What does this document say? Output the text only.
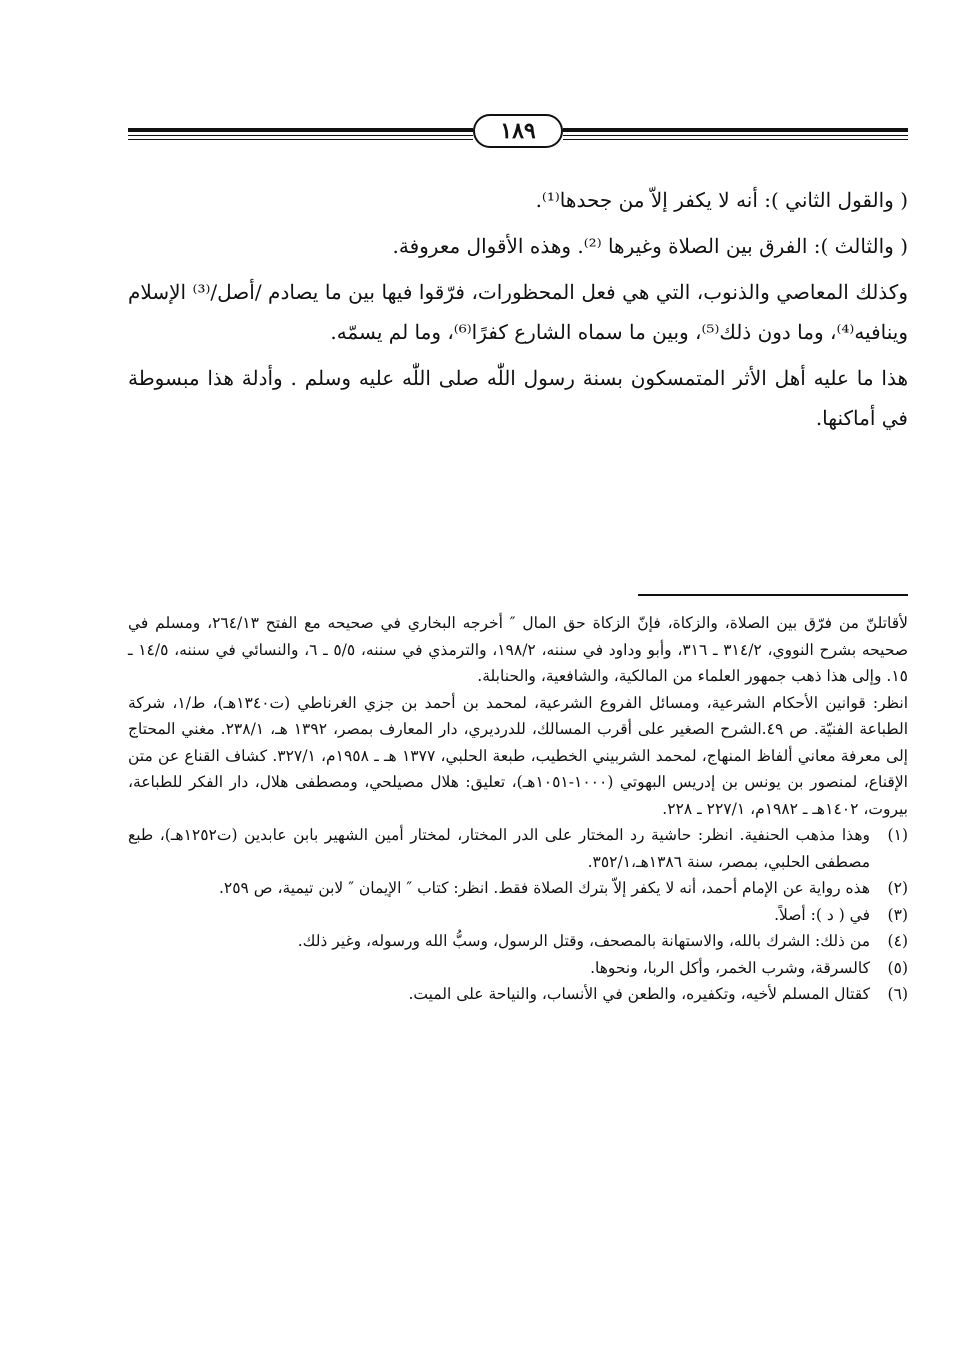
١٨٩

( والقول الثاني ): أنه لا يكفر إلاّ من جحدها⁽¹⁾.

( والثالث ): الفرق بين الصلاة وغيرها ⁽²⁾. وهذه الأقوال معروفة.

وكذلك المعاصي والذنوب، التي هي فعل المحظورات، فرّقوا فيها بين ما يصادم /أصل/⁽³⁾ الإسلام وينافيه⁽⁴⁾، وما دون ذلك⁽⁵⁾، وبين ما سماه الشارع كفرًا⁽⁶⁾، وما لم يسمّه.

هذا ما عليه أهل الأثر المتمسكون بسنة رسول اللّٰه صلى اللّٰه عليه وسلم . وأدلة هذا مبسوطة في أماكنها.

لأقاتلنّ من فرّق بين الصلاة، والزكاة، فإنّ الزكاة حق المال ″ أخرجه البخاري في صحيحه مع الفتح ٢٦٤/١٣، ومسلم في صحيحه بشرح النووي، ٣١٤/٢ ـ ٣١٦، وأبو وداود في سننه، ١٩٨/٢، والترمذي في سننه، ٥/٥ ـ ٦، والنسائي في سننه، ١٤/٥ ـ ١٥. وإلى هذا ذهب جمهور العلماء من المالكية، والشافعية، والحنابلة.

انظر: قوانين الأحكام الشرعية، ومسائل الفروع الشرعية، لمحمد بن أحمد بن جزي الغرناطي (ت١٣٤٠هـ)، ط/١، شركة الطباعة الفنيّة. ص ٤٩.الشرح الصغير على أقرب المسالك، للدرديري، دار المعارف بمصر، ١٣٩٢ هـ، ٢٣٨/١. مغني المحتاج إلى معرفة معاني ألفاظ المنهاج، لمحمد الشربيني الخطيب، طبعة الحلبي، ١٣٧٧ هـ ـ ١٩٥٨م، ٣٢٧/١. كشاف القناع عن متن الإقناع، لمنصور بن يونس بن إدريس البهوتي (١٠٠٠-١٠٥١هـ)، تعليق: هلال مصيلحي، ومصطفى هلال، دار الفكر للطباعة، بيروت، ١٤٠٢هـ ـ ١٩٨٢م، ٢٢٧/١ ـ ٢٢٨.

(١)
وهذا مذهب الحنفية. انظر: حاشية رد المختار على الدر المختار، لمختار أمين الشهير بابن عابدين (ت١٢٥٢هـ)، طبع مصطفى الحلبي، بمصر، سنة ١٣٨٦هـ،٣٥٢/١.

(٢)
هذه رواية عن الإمام أحمد، أنه لا يكفر إلاّ بترك الصلاة فقط. انظر: كتاب ″ الإيمان ″ لابن تيمية، ص ٢٥٩.

(٣)
في ( د ): أصلاً.

(٤)
من ذلك: الشرك بالله، والاستهانة بالمصحف، وقتل الرسول، وسبُّ الله ورسوله، وغير ذلك.

(٥)
كالسرقة، وشرب الخمر، وأكل الربا، ونحوها.

(٦)
كقتال المسلم لأخيه، وتكفيره، والطعن في الأنساب، والنياحة على الميت.
